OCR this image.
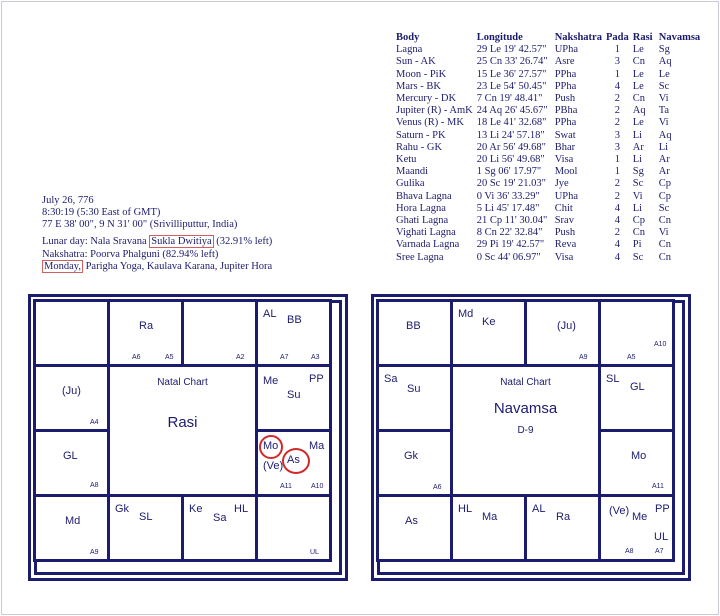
Body	Longitude	Nakshatra	Pada	Rasi	Navamsa
Lagna	29 Le 19' 42.57"	UPha	1	Le	Sg
Sun - AK	25 Cn 33' 26.74"	Asre	3	Cn	Aq
Moon - PiK	15 Le 36' 27.57"	PPha	1	Le	Le
Mars - BK	23 Le 54' 50.45"	PPha	4	Le	Sc
Mercury - DK	7 Cn 19' 48.41"	Push	2	Cn	Vi
Jupiter (R) - AmK	24 Aq 26' 45.67"	PBha	2	Aq	Ta
Venus (R) - MK	18 Le 41' 32.68"	PPha	2	Le	Vi
Saturn - PK	13 Li 24' 57.18"	Swat	3	Li	Aq
Rahu - GK	20 Ar 56' 49.68"	Bhar	3	Ar	Li
Ketu	20 Li 56' 49.68"	Visa	1	Li	Ar
Maandi	1 Sg 06' 17.97"	Mool	1	Sg	Ar
Gulika	20 Sc 19' 21.03"	Jye	2	Sc	Cp
Bhava Lagna	0 Vi 36' 33.29"	UPha	2	Vi	Cp
Hora Lagna	5 Li 45' 17.48"	Chit	4	Li	Sc
Ghati Lagna	21 Cp 11' 30.04"	Srav	4	Cp	Cn
Vighati Lagna	8 Cn 22' 32.84"	Push	2	Cn	Vi
Varnada Lagna	29 Pi 19' 42.57"	Reva	4	Pi	Cn
Sree Lagna	0 Sc 44' 06.97"	Visa	4	Sc	Cn
July 26, 776
8:30:19 (5:30 East of GMT)
77 E 38' 00", 9 N 31' 00" (Srivilliputtur, India)
Lunar day: Nala Sravana Sukla Dwitiya (32.91% left)
Nakshatra: Poorva Phalguni (82.94% left)
Monday, Parigha Yoga, Kaulava Karana, Jupiter Hora
Ra
A6	A5	A2
AL BB
A7	A3
(Ju)
A4
Me	PP
Su
GL
A8
Mo	Ma
As
(Ve)
A11	A10
Md
A9
Gk
SL
Ke	HL
Sa
UL
Natal Chart
Rasi
BB
Md
Ke	(Ju)
A9	A5
A10
Sa
Su
SL
GL
Gk
A6
Mo
A11
As
HL
Ma
AL
Ra	(Ve) PP
Me
UL
A8	A7
Natal Chart
Navamsa
D-9
